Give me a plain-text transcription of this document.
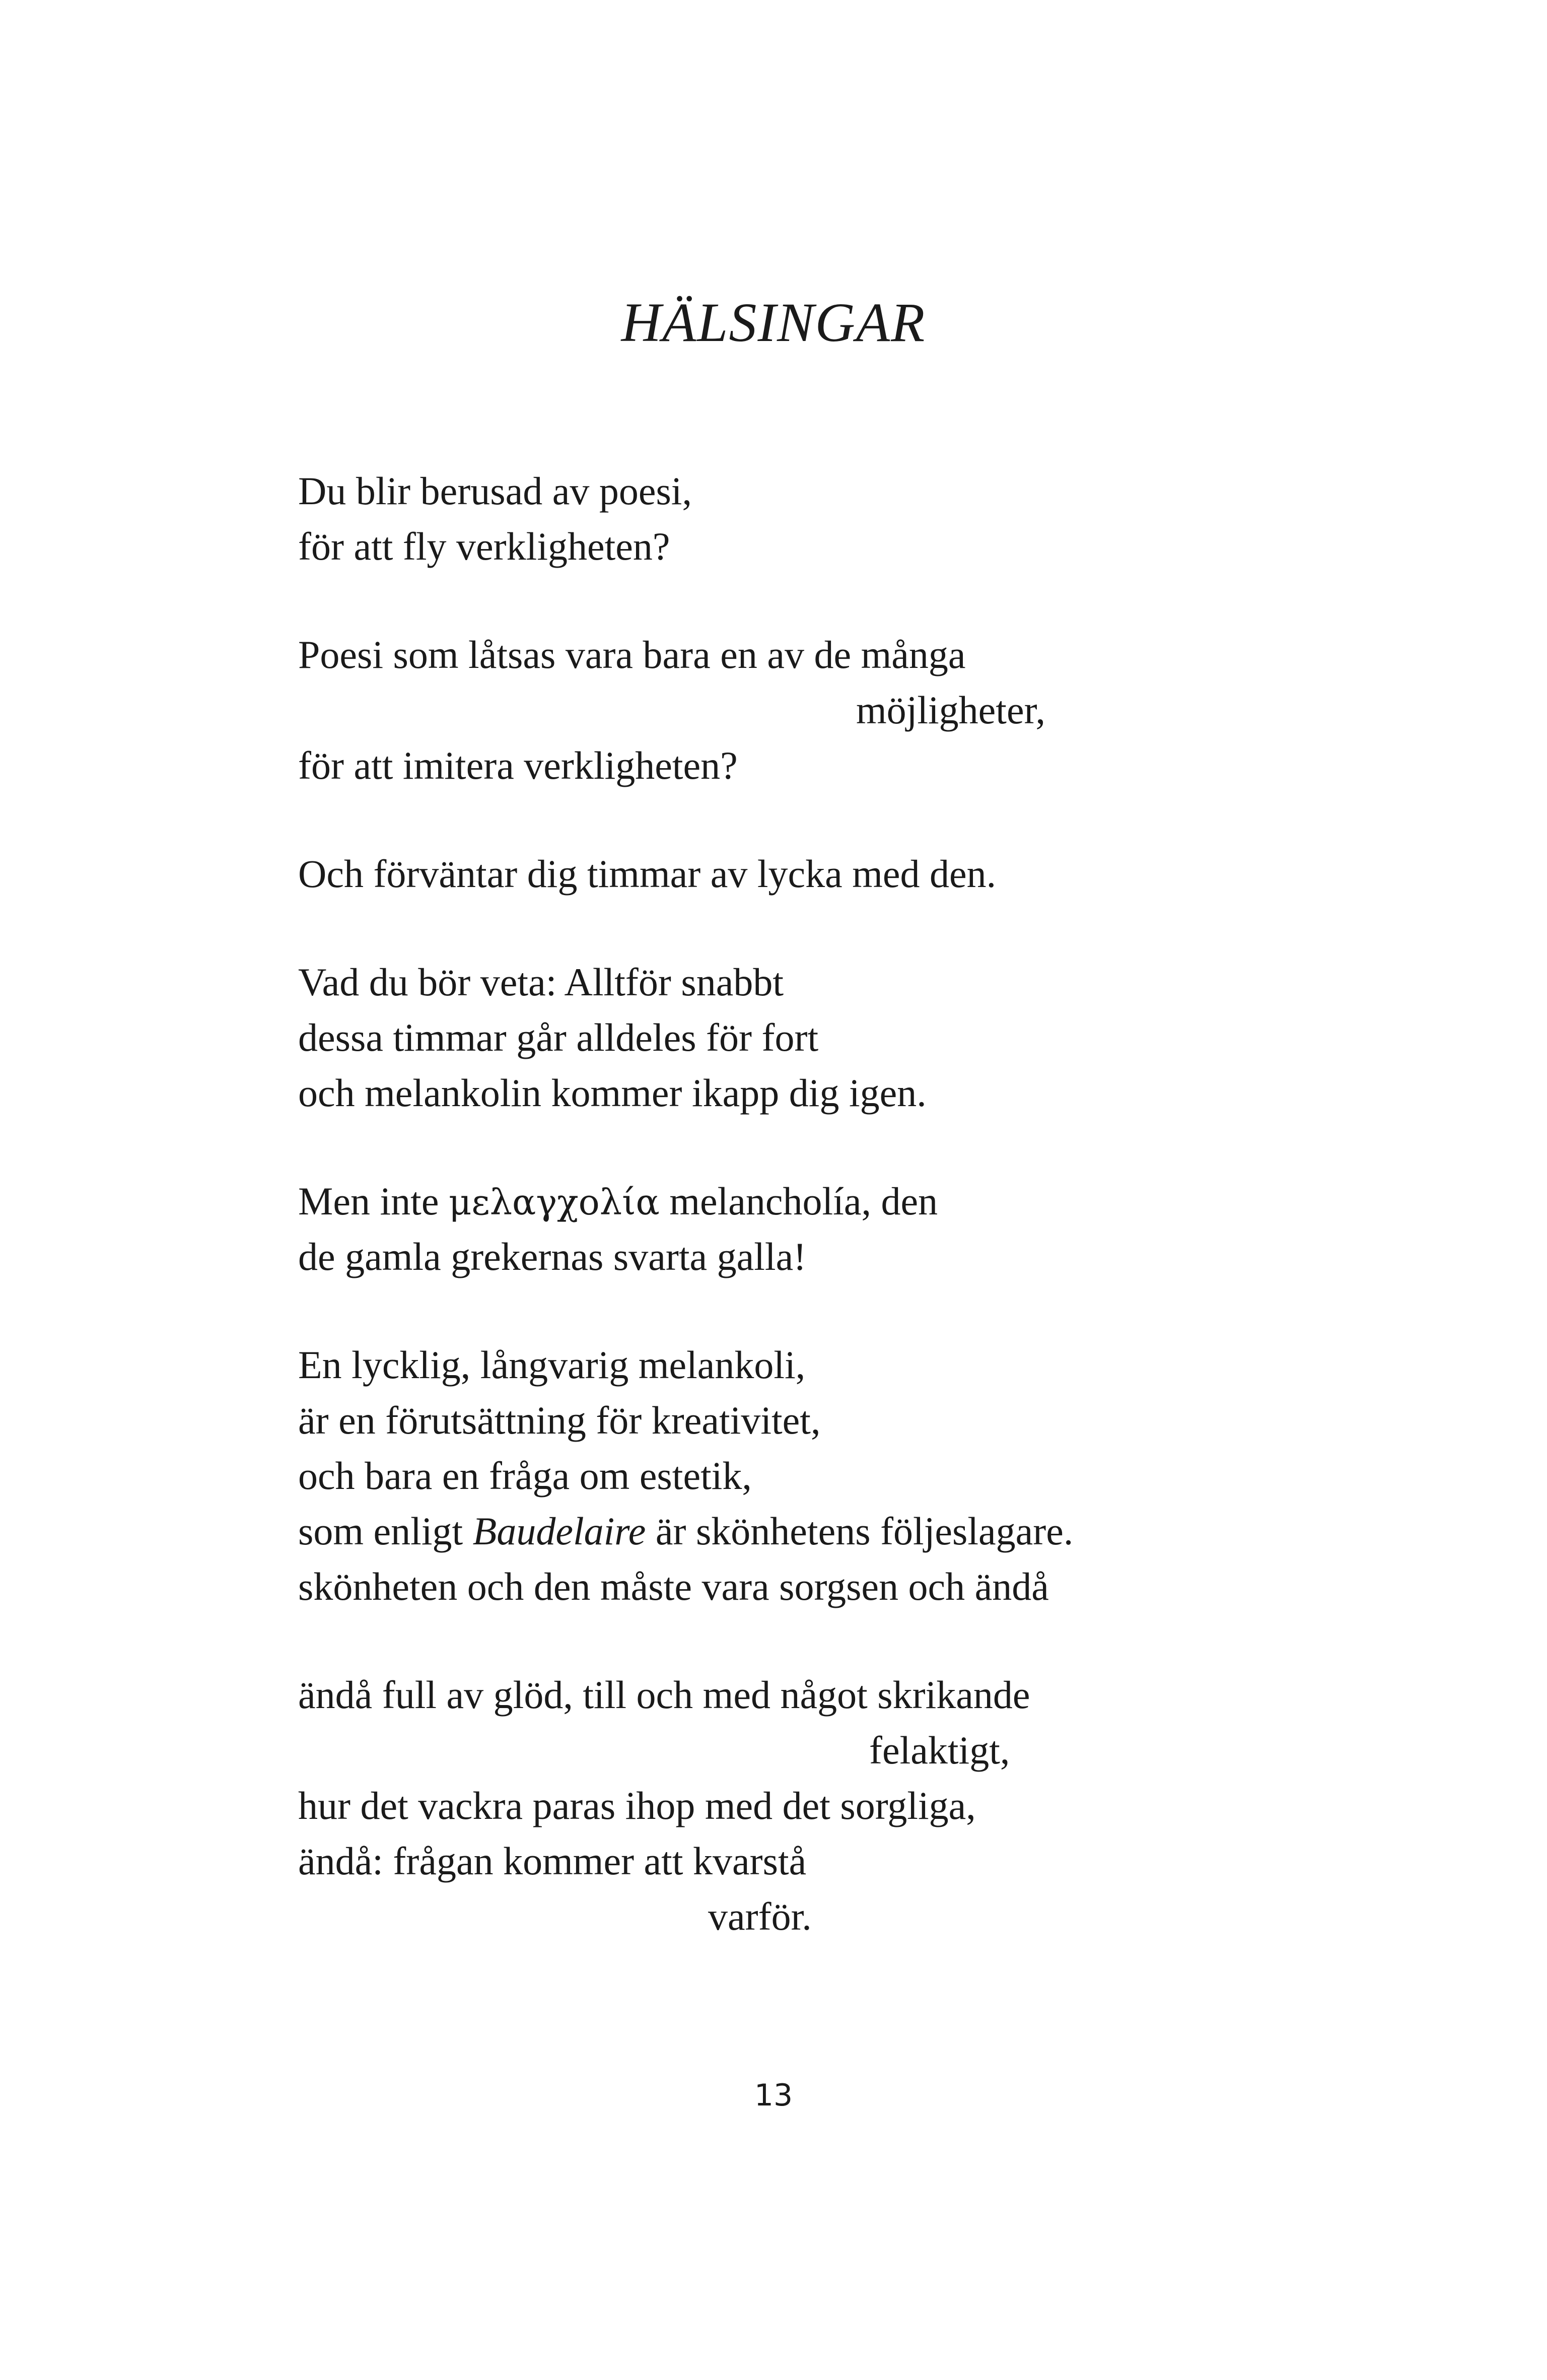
HÄLSINGAR
Du blir berusad av poesi,
för att fly verkligheten?
Poesi som låtsas vara bara en av de många
möjligheter,
för att imitera verkligheten?
Och förväntar dig timmar av lycka med den.
Vad du bör veta: Alltför snabbt
dessa timmar går alldeles för fort
och melankolin kommer ikapp dig igen.
Men inte μελαγχολία melancholía, den
de gamla grekernas svarta galla!
En lycklig, långvarig melankoli,
är en förutsättning för kreativitet,
och bara en fråga om estetik,
som enligt Baudelaire är skönhetens följeslagare.
skönheten och den måste vara sorgsen och ändå
ändå full av glöd, till och med något skrikande
felaktigt,
hur det vackra paras ihop med det sorgliga,
ändå: frågan kommer att kvarstå
varför.
13
